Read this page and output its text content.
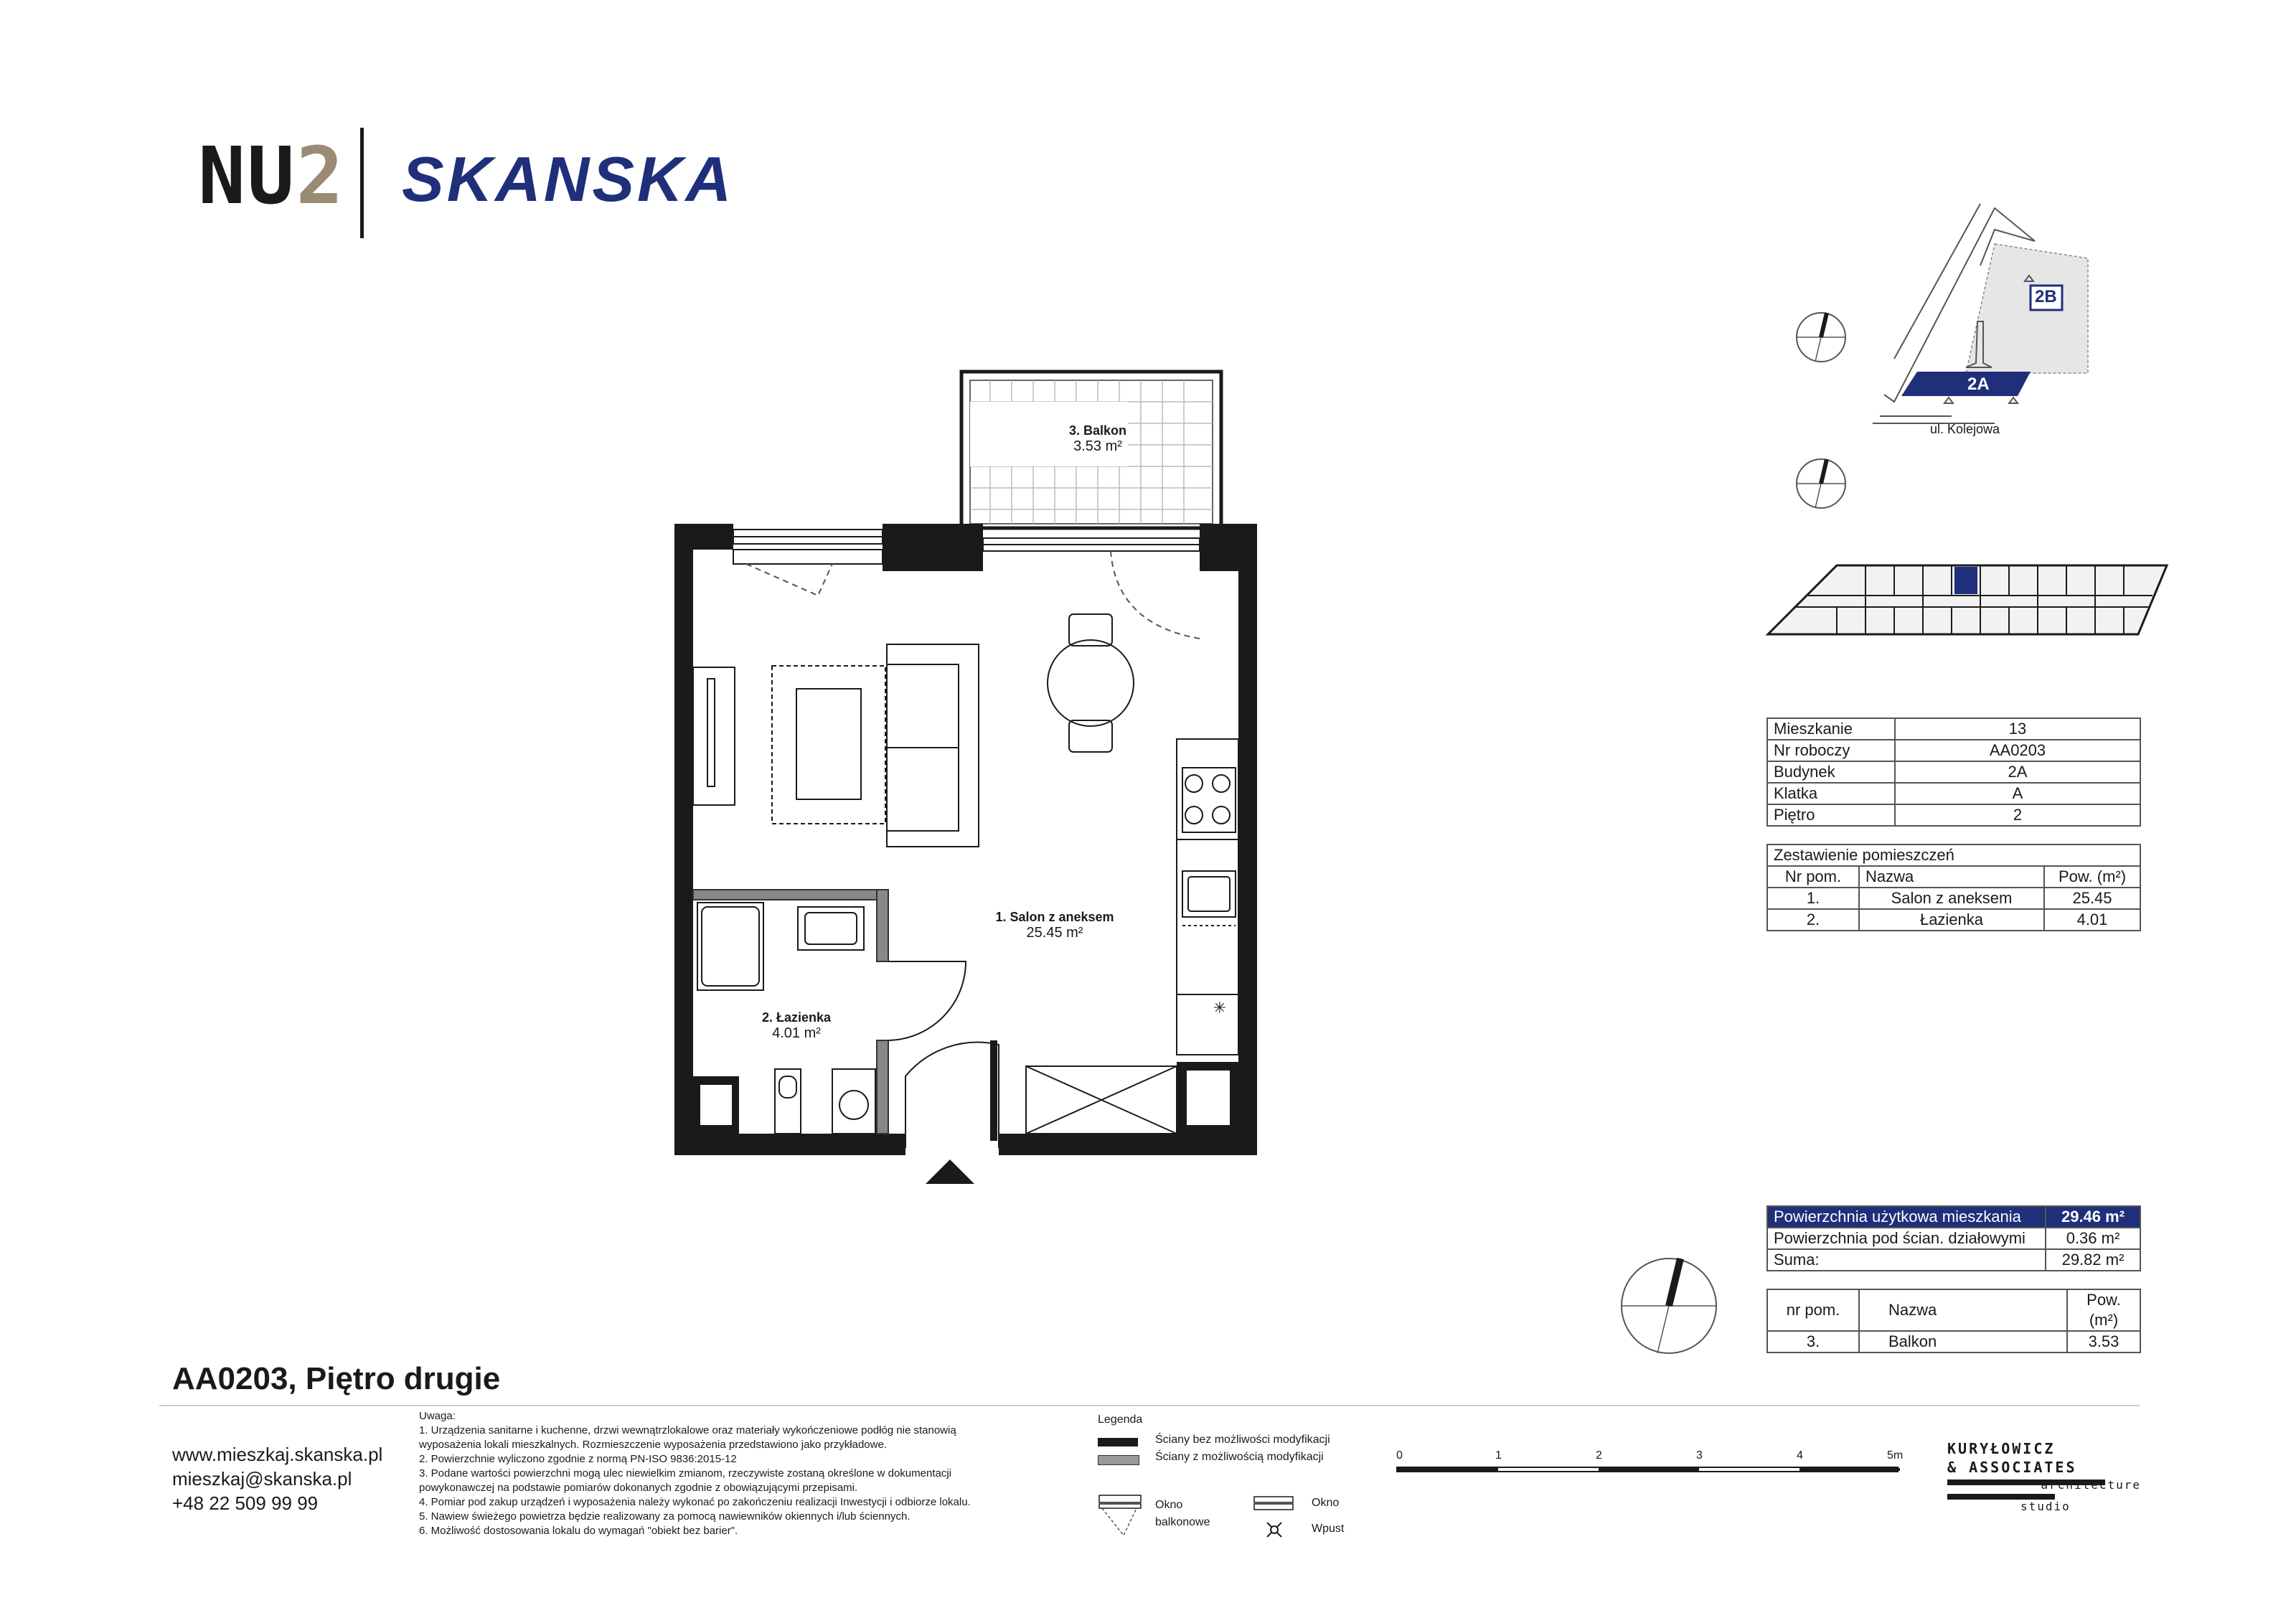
NU2 SKANSKA
✳
1. Salon z aneksem
25.45 m²
2. Łazienka
4.01 m²
3. Balkon
3.53 m²
2A
2B
ul. Kolejowa
Mieszkanie	13
Nr roboczy	AA0203
Budynek	2A
Klatka	A
Piętro	2
Zestawienie pomieszczeń		
Nr pom.	Nazwa	Pow. (m²)
1.	Salon z aneksem	25.45
2.	Łazienka	4.01
Powierzchnia użytkowa mieszkania	29.46 m²
Powierzchnia pod ścian. działowymi	0.36 m²
Suma:	29.82 m²
nr pom.	Nazwa	Pow. (m²)
3.	Balkon	3.53
AA0203, Piętro drugie
www.mieszkaj.skanska.pl
mieszkaj@skanska.pl
+48 22 509 99 99
Uwaga:
1. Urządzenia sanitarne i kuchenne, drzwi wewnątrzlokalowe oraz materiały wykończeniowe podłóg nie stanowią
wyposażenia lokali mieszkalnych. Rozmieszczenie wyposażenia przedstawiono jako przykładowe.
2. Powierzchnie wyliczono zgodnie z normą PN-ISO 9836:2015-12
3. Podane wartości powierzchni mogą ulec niewielkim zmianom, rzeczywiste zostaną określone w dokumentacji
powykonawczej na podstawie pomiarów dokonanych zgodnie z obowiązującymi przepisami.
4. Pomiar pod zakup urządzeń i wyposażenia należy wykonać po zakończeniu realizacji Inwestycji i odbiorze lokalu.
5. Nawiew świeżego powietrza będzie realizowany za pomocą nawiewników okiennych i/lub ściennych.
6. Możliwość dostosowania lokalu do wymagań "obiekt bez barier".
Legenda
Ściany bez możliwości modyfikacji
Ściany z możliwością modyfikacji
Okno
balkonowe
Okno
Wpust
0	1	2	3	4	5m	KURYŁOWICZ
& ASSOCIATES
architecture
studio
